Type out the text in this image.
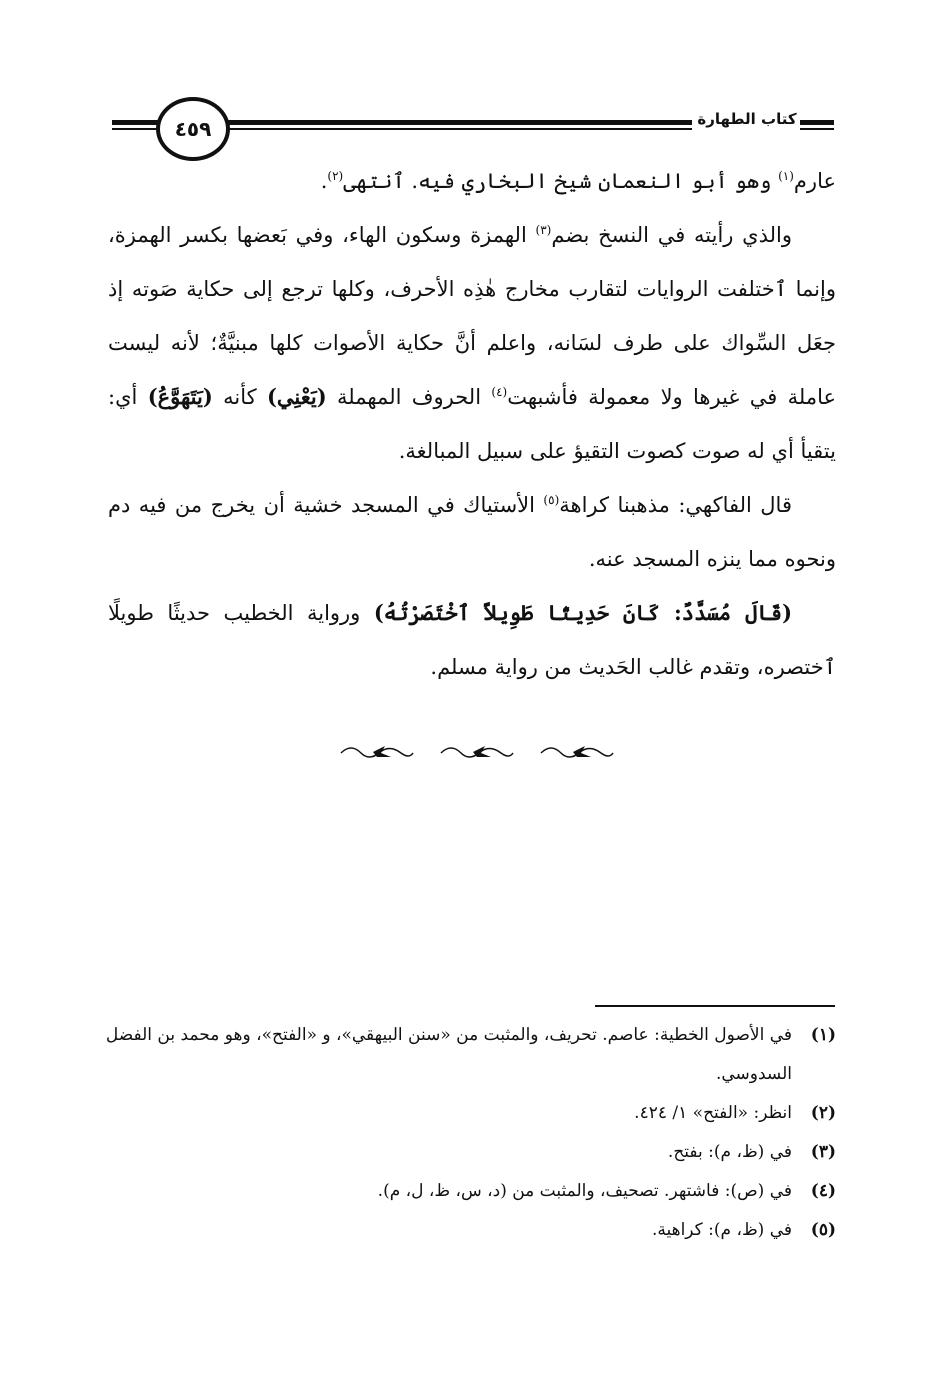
كتاب الطهارة
٤٥٩

عارم$^{(١)}$ وهو أبو النعمان شيخ البخاري فيه. ٱنتهى$^{(٢)}$.

والذي رأيته في النسخ بضم$^{(٣)}$ الهمزة وسكون الهاء، وفي بَعضها بكسر الهمزة، وإنما ٱختلفت الروايات لتقارب مخارج هٰذِه الأحرف، وكلها ترجع إلى حكاية صَوته إذ جعَل السِّواك على طرف لسَانه، واعلم أنَّ حكاية الأصوات كلها مبنيَّةٌ؛ لأنه ليست عاملة في غيرها ولا معمولة فأشبهت$^{(٤)}$ الحروف المهملة (يَعْنِي) كأنه (يَتَهَوَّعُ) أي: يتقيأ أي له صوت كصوت التقيؤ على سبيل المبالغة.

قال الفاكهي: مذهبنا كراهة$^{(٥)}$ الأستياك في المسجد خشية أن يخرج من فيه دم ونحوه مما ينزه المسجد عنه.

(قَالَ مُسَدَّدٌ: كَانَ حَدِيثًا طَوِيلاً ٱخْتَصَرْتُهُ) ورواية الخطيب حديثًا طويلًا ٱختصره، وتقدم غالب الحَديث من رواية مسلم.

(١)
في الأصول الخطية: عاصم. تحريف، والمثبت من «سنن البيهقي»، و «الفتح»، وهو محمد بن الفضل السدوسي.
(٢)
انظر: «الفتح» ١/ ٤٢٤.
(٣)
في (ظ، م): بفتح.
(٤)
في (ص): فاشتهر. تصحيف، والمثبت من (د، س، ظ، ل، م).
(٥)
في (ظ، م): كراهية.
